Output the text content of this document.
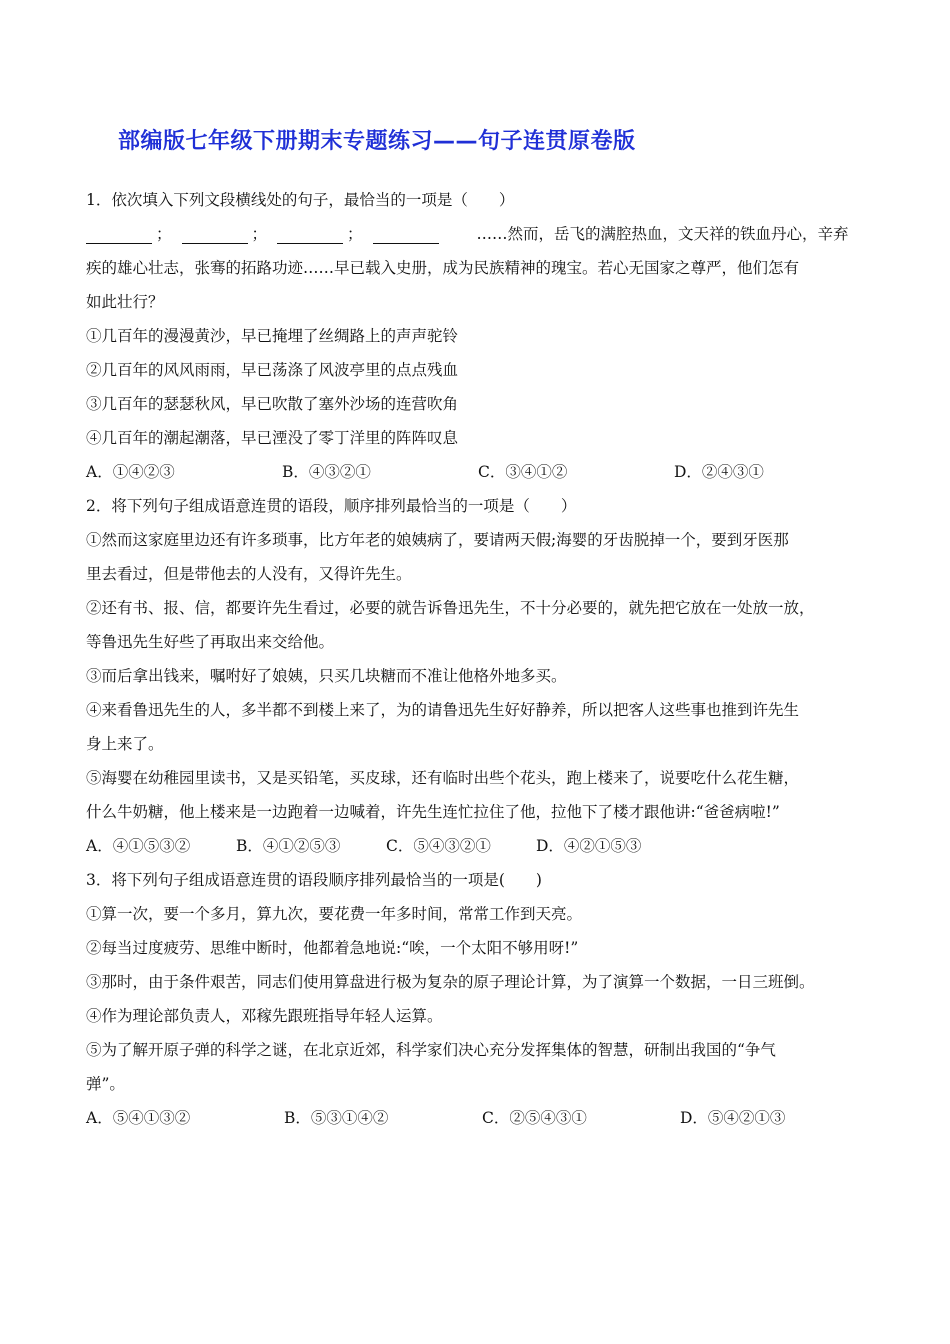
部编版七年级下册期末专题练习——句子连贯原卷版
1．依次填入下列文段横线处的句子，最恰当的一项是（　　）
；	；	；	……然而，岳飞的满腔热血，文天祥的铁血丹心，辛弃
疾的雄心壮志，张骞的拓路功迹……早已载入史册，成为民族精神的瑰宝。若心无国家之尊严，他们怎有
如此壮行？
①几百年的漫漫黄沙，早已掩埋了丝绸路上的声声驼铃
②几百年的风风雨雨，早已荡涤了风波亭里的点点残血
③几百年的瑟瑟秋风，早已吹散了塞外沙场的连营吹角
④几百年的潮起潮落，早已湮没了零丁洋里的阵阵叹息
A．①④②③	B．④③②①	C．③④①②	D．②④③①
2．将下列句子组成语意连贯的语段，顺序排列最恰当的一项是（　　）
①然而这家庭里边还有许多琐事，比方年老的娘姨病了，要请两天假;海婴的牙齿脱掉一个，要到牙医那
里去看过，但是带他去的人没有，又得许先生。
②还有书、报、信，都要许先生看过，必要的就告诉鲁迅先生，不十分必要的，就先把它放在一处放一放，
等鲁迅先生好些了再取出来交给他。
③而后拿出钱来，嘱咐好了娘姨，只买几块糖而不准让他格外地多买。
④来看鲁迅先生的人，多半都不到楼上来了，为的请鲁迅先生好好静养，所以把客人这些事也推到许先生
身上来了。
⑤海婴在幼稚园里读书，又是买铅笔，买皮球，还有临时出些个花头，跑上楼来了，说要吃什么花生糖，
什么牛奶糖，他上楼来是一边跑着一边喊着，许先生连忙拉住了他，拉他下了楼才跟他讲:“爸爸病啦!”
A．④①⑤③②	B．④①②⑤③	C．⑤④③②①	D．④②①⑤③
3．将下列句子组成语意连贯的语段顺序排列最恰当的一项是(　　)
①算一次，要一个多月，算九次，要花费一年多时间，常常工作到天亮。
②每当过度疲劳、思维中断时，他都着急地说:“唉，一个太阳不够用呀!”
③那时，由于条件艰苦，同志们使用算盘进行极为复杂的原子理论计算，为了演算一个数据，一日三班倒。
④作为理论部负责人，邓稼先跟班指导年轻人运算。
⑤为了解开原子弹的科学之谜，在北京近郊，科学家们决心充分发挥集体的智慧，研制出我国的“争气
弹”。
A．⑤④①③②	B．⑤③①④②	C．②⑤④③①	D．⑤④②①③
